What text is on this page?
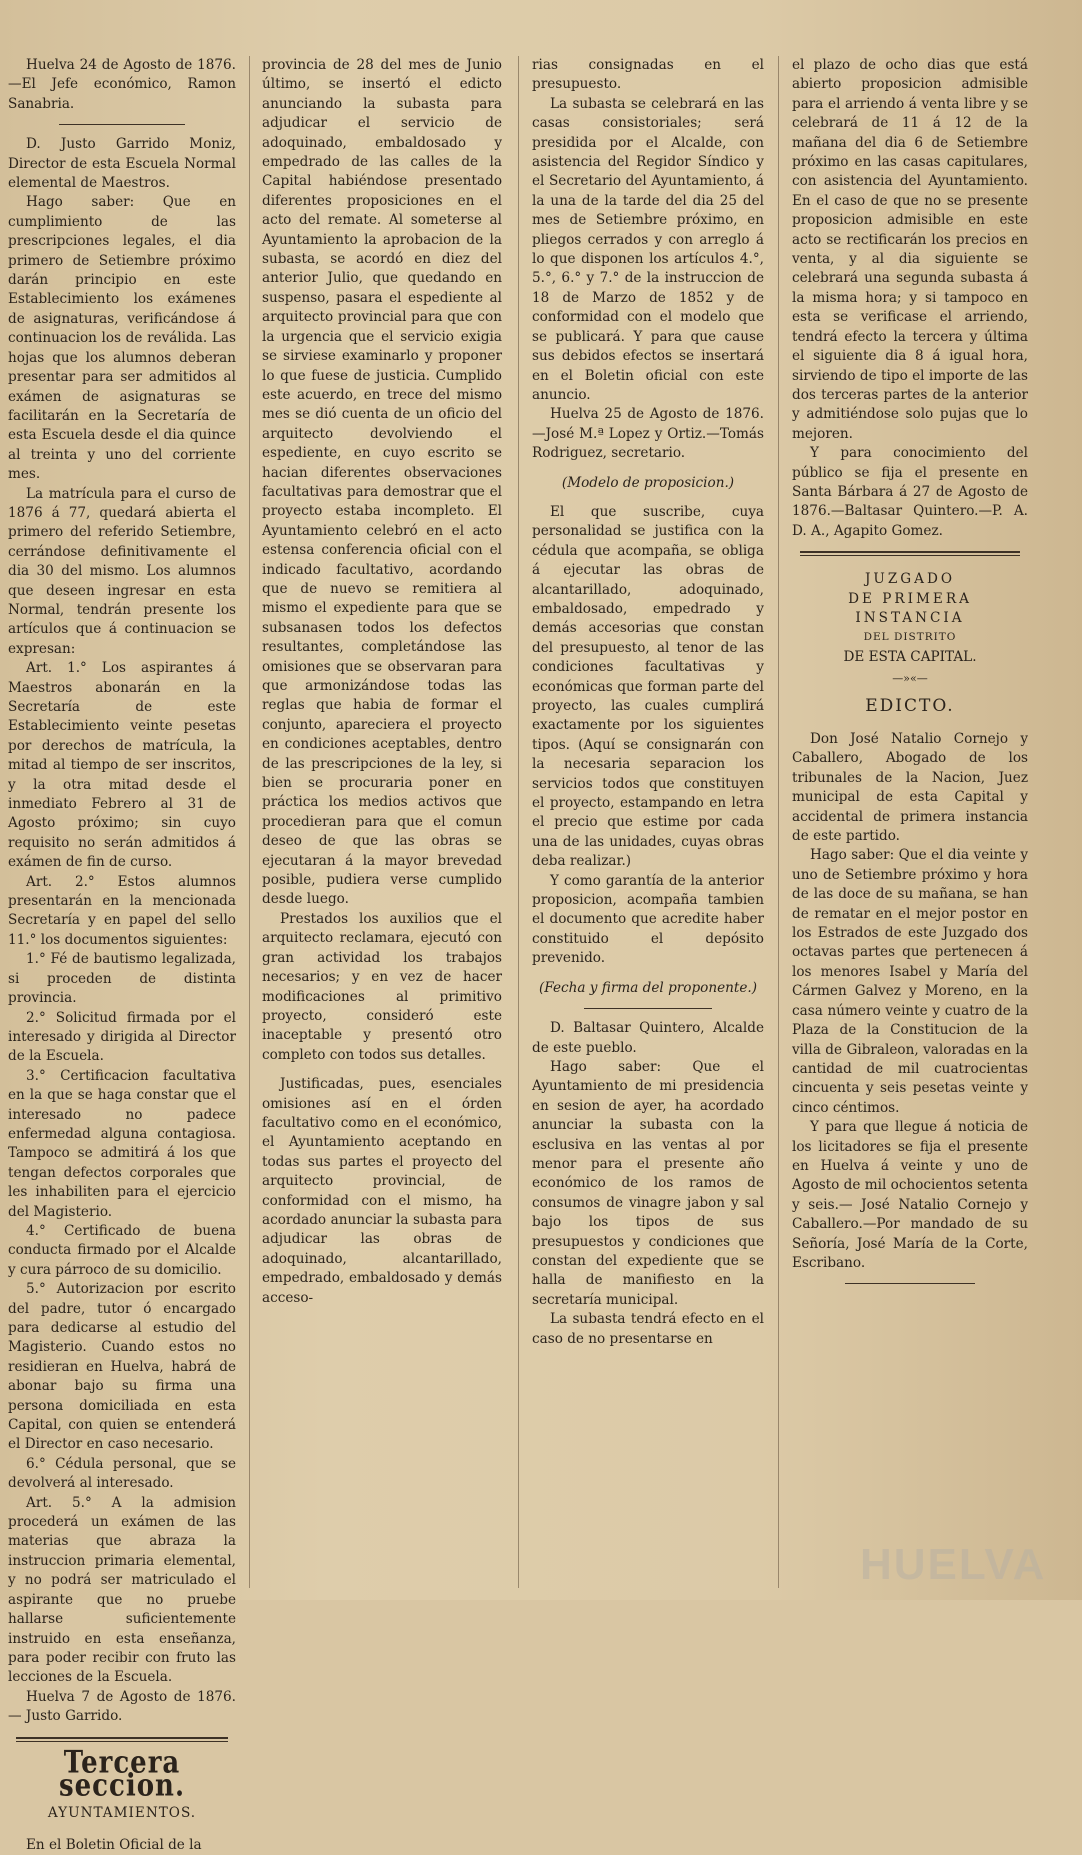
Huelva 24 de Agosto de 1876. —El Jefe económico, Ramon Sanabria.

D. Justo Garrido Moniz, Director de esta Escuela Normal elemental de Maestros.

Hago saber: Que en cumplimiento de las prescripciones legales, el dia primero de Setiembre próximo darán principio en este Establecimiento los exámenes de asignaturas, verificándose á continuacion los de reválida. Las hojas que los alumnos deberan presentar para ser admitidos al exámen de asignaturas se facilitarán en la Secretaría de esta Escuela desde el dia quince al treinta y uno del corriente mes.

La matrícula para el curso de 1876 á 77, quedará abierta el primero del referido Setiembre, cerrándose definitivamente el dia 30 del mismo. Los alumnos que deseen ingresar en esta Normal, tendrán presente los artículos que á continuacion se expresan:

Art. 1.° Los aspirantes á Maestros abonarán en la Secretaría de este Establecimiento veinte pesetas por derechos de matrícula, la mitad al tiempo de ser inscritos, y la otra mitad desde el inmediato Febrero al 31 de Agosto próximo; sin cuyo requisito no serán admitidos á exámen de fin de curso.

Art. 2.° Estos alumnos presentarán en la mencionada Secretaría y en papel del sello 11.° los documentos siguientes:

1.° Fé de bautismo legalizada, si proceden de distinta provincia.

2.° Solicitud firmada por el interesado y dirigida al Director de la Escuela.

3.° Certificacion facultativa en la que se haga constar que el interesado no padece enfermedad alguna contagiosa. Tampoco se admitirá á los que tengan defectos corporales que les inhabiliten para el ejercicio del Magisterio.

4.° Certificado de buena conducta firmado por el Alcalde y cura párroco de su domicilio.

5.° Autorizacion por escrito del padre, tutor ó encargado para dedicarse al estudio del Magisterio. Cuando estos no residieran en Huelva, habrá de abonar bajo su firma una persona domiciliada en esta Capital, con quien se entenderá el Director en caso necesario.

6.° Cédula personal, que se devolverá al interesado.

Art. 5.° A la admision procederá un exámen de las materias que abraza la instruccion primaria elemental, y no podrá ser matriculado el aspirante que no pruebe hallarse suficientemente instruido en esta enseñanza, para poder recibir con fruto las lecciones de la Escuela.

Huelva 7 de Agosto de 1876.— Justo Garrido.

Tercera seccion.
AYUNTAMIENTOS.

En el Boletin Oficial de la

provincia de 28 del mes de Junio último, se insertó el edicto anunciando la subasta para adjudicar el servicio de adoquinado, embaldosado y empedrado de las calles de la Capital habiéndose presentado diferentes proposiciones en el acto del remate. Al someterse al Ayuntamiento la aprobacion de la subasta, se acordó en diez del anterior Julio, que quedando en suspenso, pasara el espediente al arquitecto provincial para que con la urgencia que el servicio exigia se sirviese examinarlo y proponer lo que fuese de justicia. Cumplido este acuerdo, en trece del mismo mes se dió cuenta de un oficio del arquitecto devolviendo el espediente, en cuyo escrito se hacian diferentes observaciones facultativas para demostrar que el proyecto estaba incompleto. El Ayuntamiento celebró en el acto estensa conferencia oficial con el indicado facultativo, acordando que de nuevo se remitiera al mismo el expediente para que se subsanasen todos los defectos resultantes, completándose las omisiones que se observaran para que armonizándose todas las reglas que habia de formar el conjunto, apareciera el proyecto en condiciones aceptables, dentro de las prescripciones de la ley, si bien se procuraria poner en práctica los medios activos que procedieran para que el comun deseo de que las obras se ejecutaran á la mayor brevedad posible, pudiera verse cumplido desde luego.

Prestados los auxilios que el arquitecto reclamara, ejecutó con gran actividad los trabajos necesarios; y en vez de hacer modificaciones al primitivo proyecto, consideró este inaceptable y presentó otro completo con todos sus detalles.

Justificadas, pues, esenciales omisiones así en el órden facultativo como en el económico, el Ayuntamiento aceptando en todas sus partes el proyecto del arquitecto provincial, de conformidad con el mismo, ha acordado anunciar la subasta para adjudicar las obras de adoquinado, alcantarillado, empedrado, embaldosado y demás acceso-

rias consignadas en el presupuesto.

La subasta se celebrará en las casas consistoriales; será presidida por el Alcalde, con asistencia del Regidor Síndico y el Secretario del Ayuntamiento, á la una de la tarde del dia 25 del mes de Setiembre próximo, en pliegos cerrados y con arreglo á lo que disponen los artículos 4.°, 5.°, 6.° y 7.° de la instruccion de 18 de Marzo de 1852 y de conformidad con el modelo que se publicará. Y para que cause sus debidos efectos se insertará en el Boletin oficial con este anuncio.

Huelva 25 de Agosto de 1876.—José M.ª Lopez y Ortiz.—Tomás Rodriguez, secretario.

(Modelo de proposicion.)

El que suscribe, cuya personalidad se justifica con la cédula que acompaña, se obliga á ejecutar las obras de alcantarillado, adoquinado, embaldosado, empedrado y demás accesorias que constan del presupuesto, al tenor de las condiciones facultativas y económicas que forman parte del proyecto, las cuales cumplirá exactamente por los siguientes tipos. (Aquí se consignarán con la necesaria separacion los servicios todos que constituyen el proyecto, estampando en letra el precio que estime por cada una de las unidades, cuyas obras deba realizar.)

Y como garantía de la anterior proposicion, acompaña tambien el documento que acredite haber constituido el depósito prevenido.

(Fecha y firma del proponente.)

D. Baltasar Quintero, Alcalde de este pueblo.

Hago saber: Que el Ayuntamiento de mi presidencia en sesion de ayer, ha acordado anunciar la subasta con la esclusiva en las ventas al por menor para el presente año económico de los ramos de consumos de vinagre jabon y sal bajo los tipos de sus presupuestos y condiciones que constan del expediente que se halla de manifiesto en la secretaría municipal.

La subasta tendrá efecto en el caso de no presentarse en

el plazo de ocho dias que está abierto proposicion admisible para el arriendo á venta libre y se celebrará de 11 á 12 de la mañana del dia 6 de Setiembre próximo en las casas capitulares, con asistencia del Ayuntamiento. En el caso de que no se presente proposicion admisible en este acto se rectificarán los precios en venta, y al dia siguiente se celebrará una segunda subasta á la misma hora; y si tampoco en esta se verificase el arriendo, tendrá efecto la tercera y última el siguiente dia 8 á igual hora, sirviendo de tipo el importe de las dos terceras partes de la anterior y admitiéndose solo pujas que lo mejoren.

Y para conocimiento del público se fija el presente en Santa Bárbara á 27 de Agosto de 1876.—Baltasar Quintero.—P. A. D. A., Agapito Gomez.

JUZGADO

DE PRIMERA INSTANCIA

DEL DISTRITO

DE ESTA CAPITAL.

—»«—

EDICTO.

Don José Natalio Cornejo y Caballero, Abogado de los tribunales de la Nacion, Juez municipal de esta Capital y accidental de primera instancia de este partido.

Hago saber: Que el dia veinte y uno de Setiembre próximo y hora de las doce de su mañana, se han de rematar en el mejor postor en los Estrados de este Juzgado dos octavas partes que pertenecen á los menores Isabel y María del Cármen Galvez y Moreno, en la casa número veinte y cuatro de la Plaza de la Constitucion de la villa de Gibraleon, valoradas en la cantidad de mil cuatrocientas cincuenta y seis pesetas veinte y cinco céntimos.

Y para que llegue á noticia de los licitadores se fija el presente en Huelva á veinte y uno de Agosto de mil ochocientos setenta y seis.— José Natalio Cornejo y Caballero.—Por mandado de su Señoría, José María de la Corte, Escribano.

HUELVA
